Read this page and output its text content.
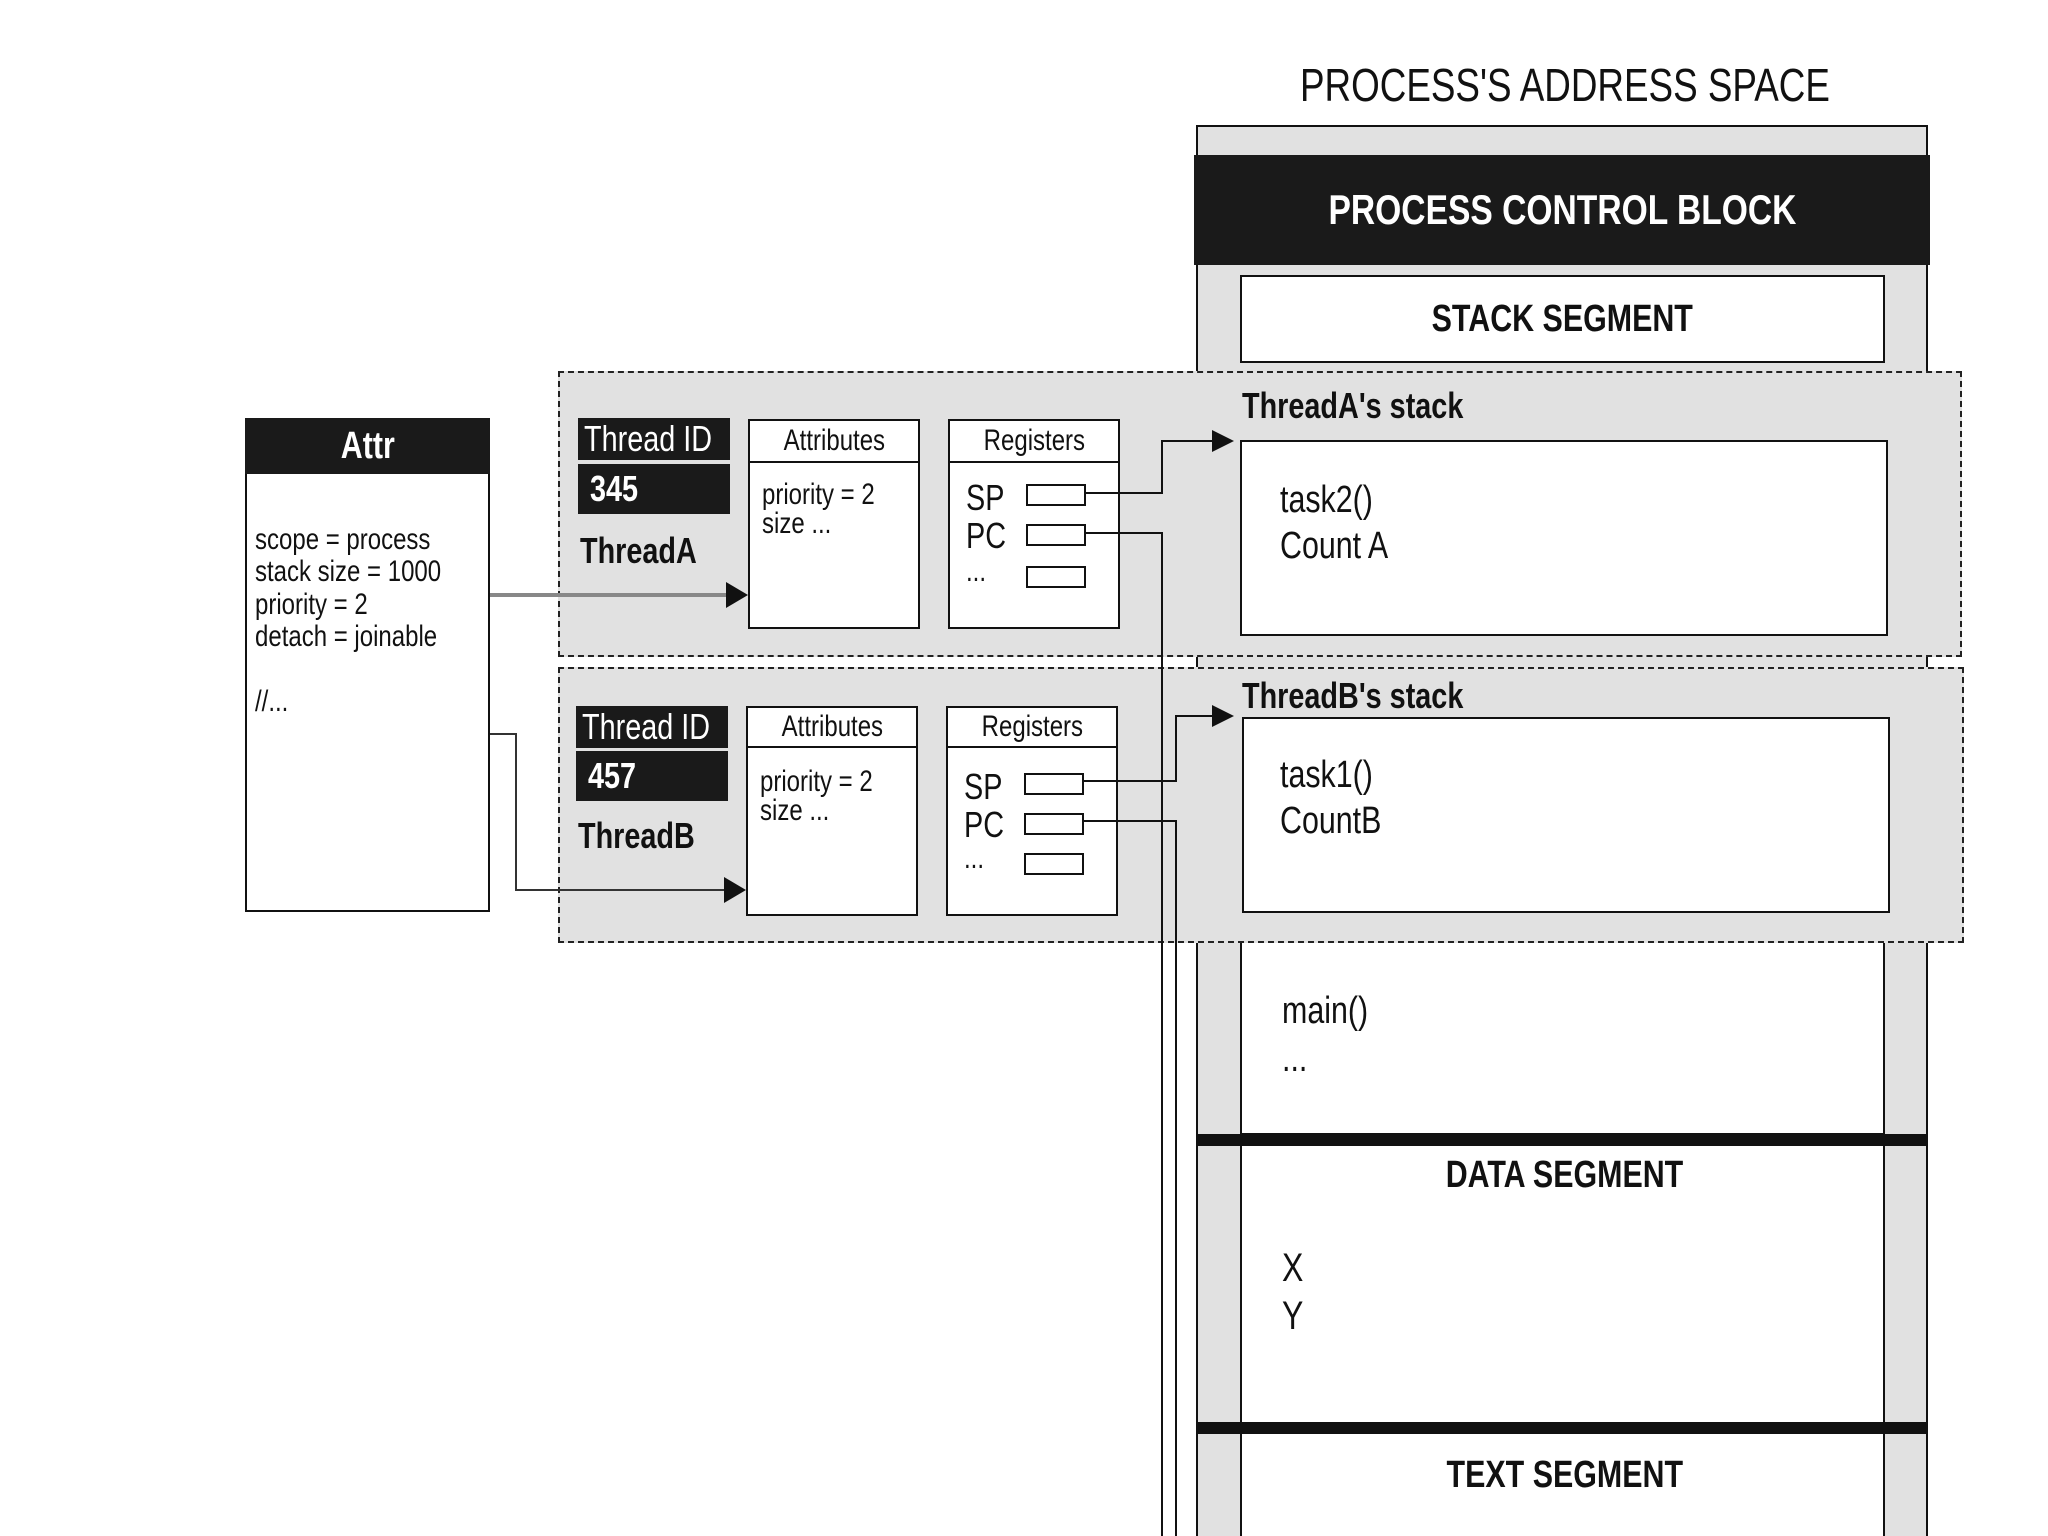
PROCESS'S ADDRESS SPACE
PROCESS CONTROL BLOCK
STACK SEGMENT
main()
...
DATA SEGMENT
X
Y
TEXT SEGMENT
ThreadA's stack
task2()
Count A
Thread ID
345
ThreadA
Attributes
priority = 2
size ...
Registers
SP
PC
...
ThreadB's stack
task1()
CountB
Thread ID
457
ThreadB
Attributes
priority = 2
size ...
Registers
SP
PC
...
Attr
scope = process
stack size = 1000
priority = 2
detach = joinable
//...
